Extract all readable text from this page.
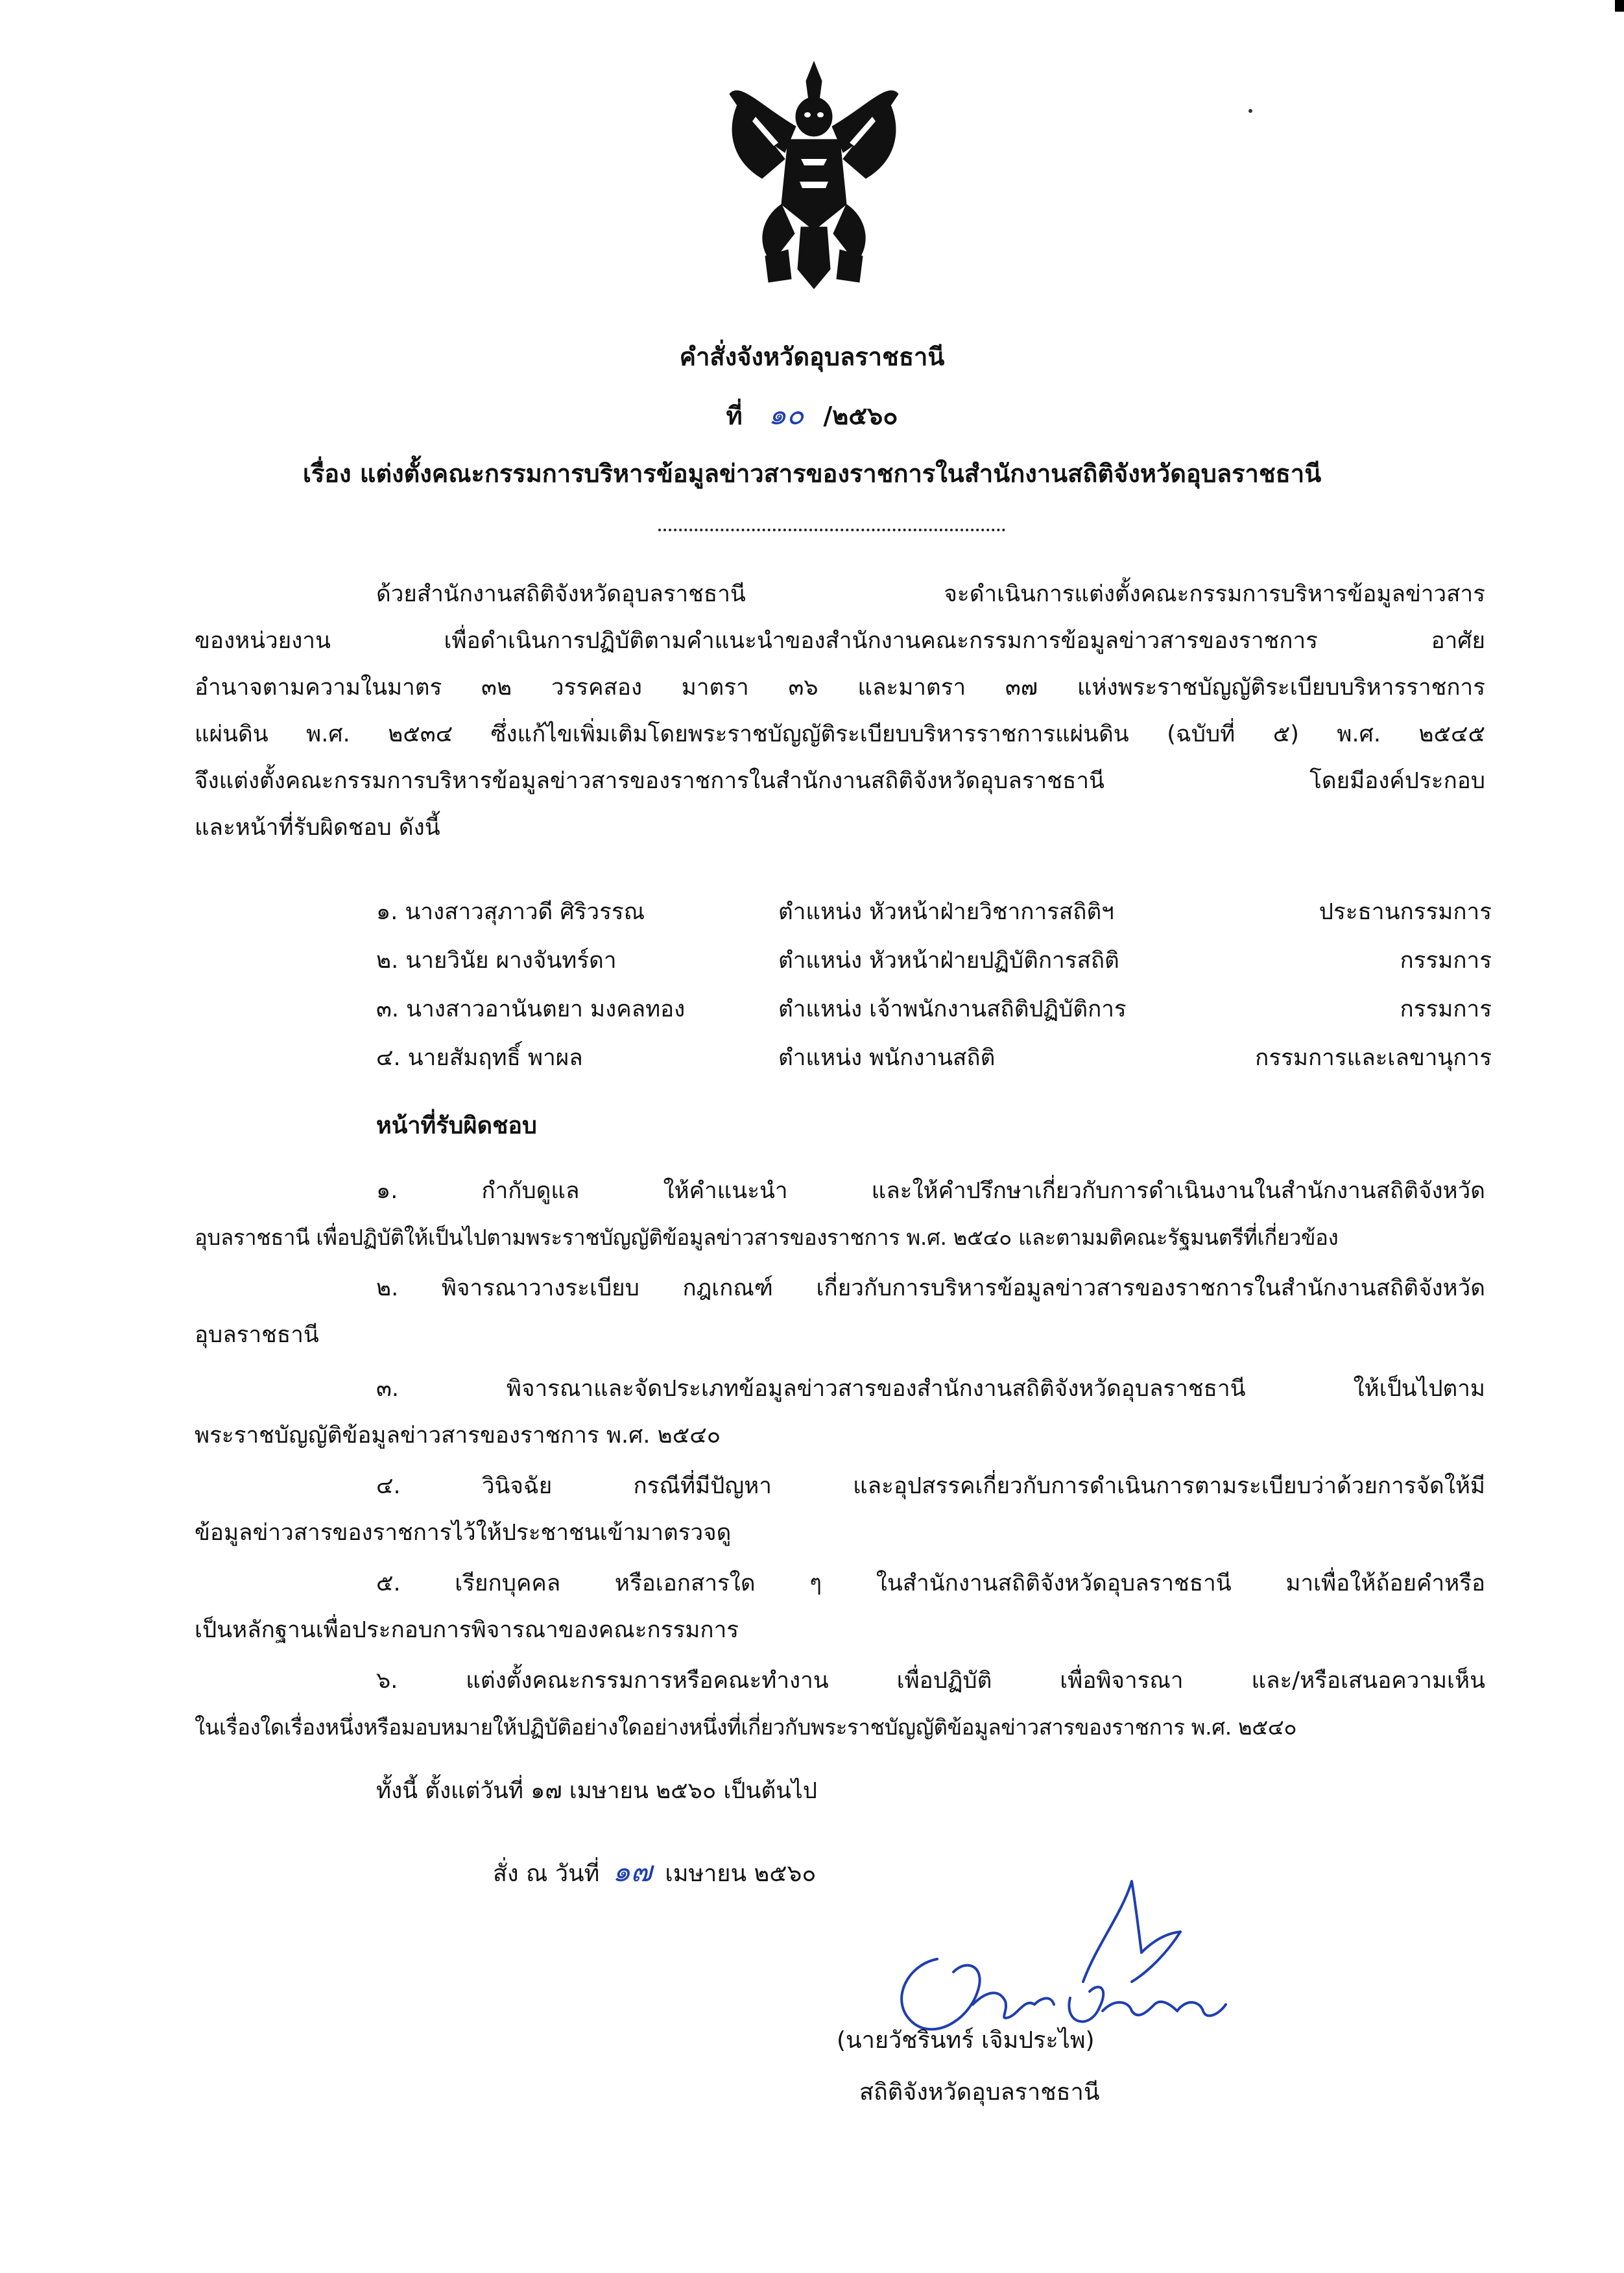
คำสั่งจังหวัดอุบลราชธานี
ที่ ๑๐ /๒๕๖๐
เรื่อง แต่งตั้งคณะกรรมการบริหารข้อมูลข่าวสารของราชการในสำนักงานสถิติจังหวัดอุบลราชธานี
ด้วยสำนักงานสถิติจังหวัดอุบลราชธานี จะดำเนินการแต่งตั้งคณะกรรมการบริหารข้อมูลข่าวสาร
ของหน่วยงาน เพื่อดำเนินการปฏิบัติตามคำแนะนำของสำนักงานคณะกรรมการข้อมูลข่าวสารของราชการ อาศัย
อำนาจตามความในมาตร ๓๒ วรรคสอง มาตรา ๓๖ และมาตรา ๓๗ แห่งพระราชบัญญัติระเบียบบริหารราชการ
แผ่นดิน พ.ศ. ๒๕๓๔ ซึ่งแก้ไขเพิ่มเติมโดยพระราชบัญญัติระเบียบบริหารราชการแผ่นดิน (ฉบับที่ ๕) พ.ศ. ๒๕๔๕
จึงแต่งตั้งคณะกรรมการบริหารข้อมูลข่าวสารของราชการในสำนักงานสถิติจังหวัดอุบลราชธานี โดยมีองค์ประกอบ
และหน้าที่รับผิดชอบ ดังนี้
๑. นางสาวสุภาวดี ศิริวรรณ	ตำแหน่ง หัวหน้าฝ่ายวิชาการสถิติฯ	ประธานกรรมการ
๒. นายวินัย ผางจันทร์ดา	ตำแหน่ง หัวหน้าฝ่ายปฏิบัติการสถิติ	กรรมการ
๓. นางสาวอานันตยา มงคลทอง	ตำแหน่ง เจ้าพนักงานสถิติปฏิบัติการ	กรรมการ
๔. นายสัมฤทธิ์ พาผล	ตำแหน่ง พนักงานสถิติ	กรรมการและเลขานุการ
หน้าที่รับผิดชอบ
๑. กำกับดูแล ให้คำแนะนำ และให้คำปรึกษาเกี่ยวกับการดำเนินงานในสำนักงานสถิติจังหวัด
อุบลราชธานี เพื่อปฏิบัติให้เป็นไปตามพระราชบัญญัติข้อมูลข่าวสารของราชการ พ.ศ. ๒๕๔๐ และตามมติคณะรัฐมนตรีที่เกี่ยวข้อง
๒. พิจารณาวางระเบียบ กฎเกณฑ์ เกี่ยวกับการบริหารข้อมูลข่าวสารของราชการในสำนักงานสถิติจังหวัด
อุบลราชธานี
๓. พิจารณาและจัดประเภทข้อมูลข่าวสารของสำนักงานสถิติจังหวัดอุบลราชธานี ให้เป็นไปตาม
พระราชบัญญัติข้อมูลข่าวสารของราชการ พ.ศ. ๒๕๔๐
๔. วินิจฉัย กรณีที่มีปัญหา และอุปสรรคเกี่ยวกับการดำเนินการตามระเบียบว่าด้วยการจัดให้มี
ข้อมูลข่าวสารของราชการไว้ให้ประชาชนเข้ามาตรวจดู
๕. เรียกบุคคล หรือเอกสารใด ๆ ในสำนักงานสถิติจังหวัดอุบลราชธานี มาเพื่อให้ถ้อยคำหรือ
เป็นหลักฐานเพื่อประกอบการพิจารณาของคณะกรรมการ
๖. แต่งตั้งคณะกรรมการหรือคณะทำงาน เพื่อปฏิบัติ เพื่อพิจารณา และ/หรือเสนอความเห็น
ในเรื่องใดเรื่องหนึ่งหรือมอบหมายให้ปฏิบัติอย่างใดอย่างหนึ่งที่เกี่ยวกับพระราชบัญญัติข้อมูลข่าวสารของราชการ พ.ศ. ๒๕๔๐
ทั้งนี้ ตั้งแต่วันที่ ๑๗ เมษายน ๒๕๖๐ เป็นต้นไป
สั่ง ณ วันที่ ๑๗ เมษายน ๒๕๖๐
(นายวัชรินทร์ เจิมประไพ)
สถิติจังหวัดอุบลราชธานี
